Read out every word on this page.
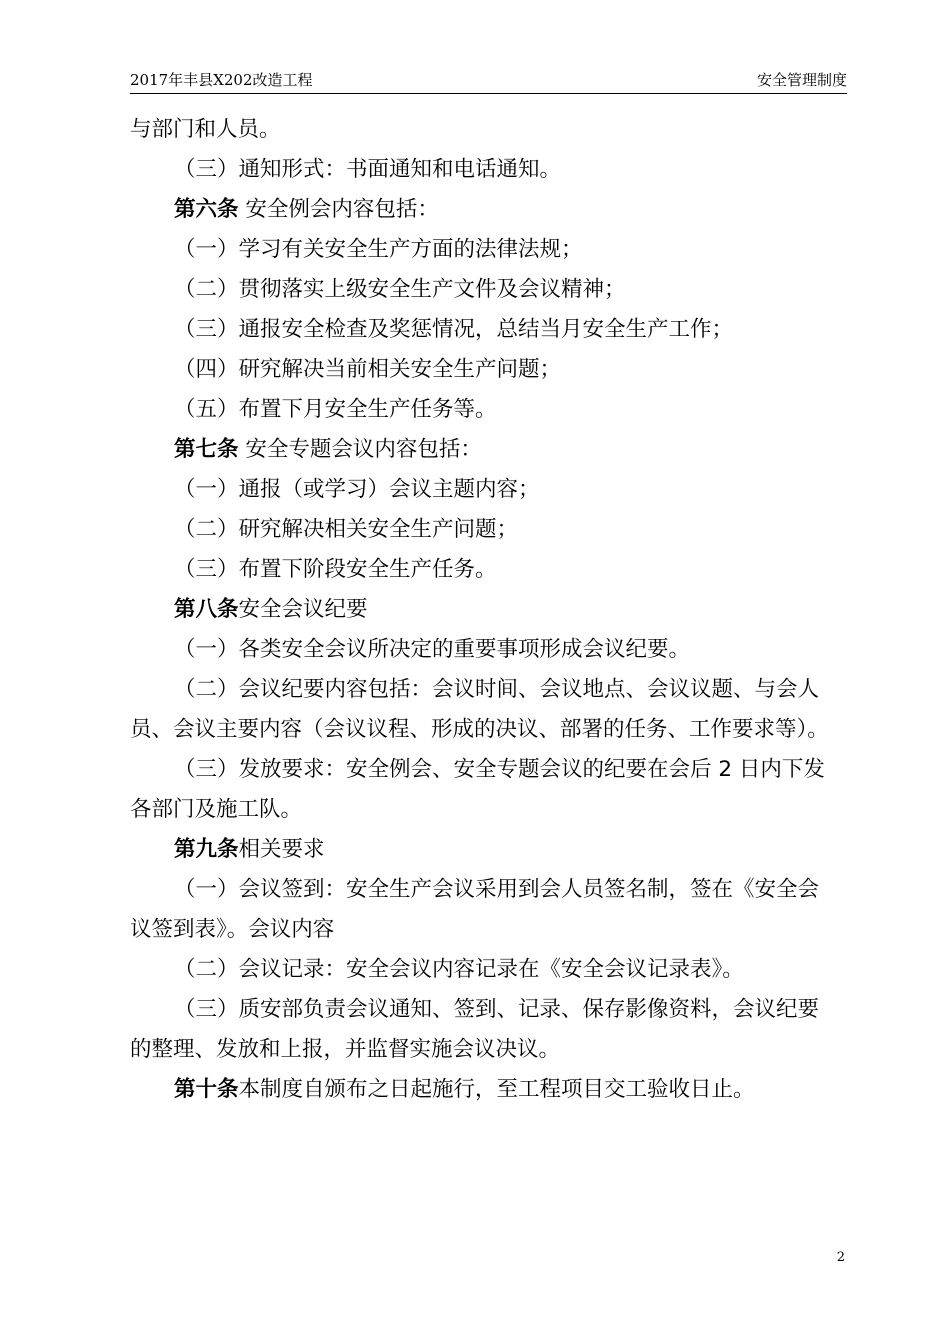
2017年丰县X202改造工程	安全管理制度

与部门和人员。

（三）通知形式：书面通知和电话通知。

第六条 安全例会内容包括：

（一）学习有关安全生产方面的法律法规；

（二）贯彻落实上级安全生产文件及会议精神；

（三）通报安全检查及奖惩情况，总结当月安全生产工作；

（四）研究解决当前相关安全生产问题；

（五）布置下月安全生产任务等。

第七条 安全专题会议内容包括：

（一）通报（或学习）会议主题内容；

（二）研究解决相关安全生产问题；

（三）布置下阶段安全生产任务。

第八条安全会议纪要

（一）各类安全会议所决定的重要事项形成会议纪要。

（二）会议纪要内容包括：会议时间、会议地点、会议议题、与会人

员、会议主要内容（会议议程、形成的决议、部署的任务、工作要求等）。

（三）发放要求：安全例会、安全专题会议的纪要在会后 2 日内下发

各部门及施工队。

第九条相关要求

（一）会议签到：安全生产会议采用到会人员签名制，签在《安全会

议签到表》。会议内容

（二）会议记录：安全会议内容记录在《安全会议记录表》。

（三）质安部负责会议通知、签到、记录、保存影像资料，会议纪要

的整理、发放和上报，并监督实施会议决议。

第十条本制度自颁布之日起施行，至工程项目交工验收日止。

2
